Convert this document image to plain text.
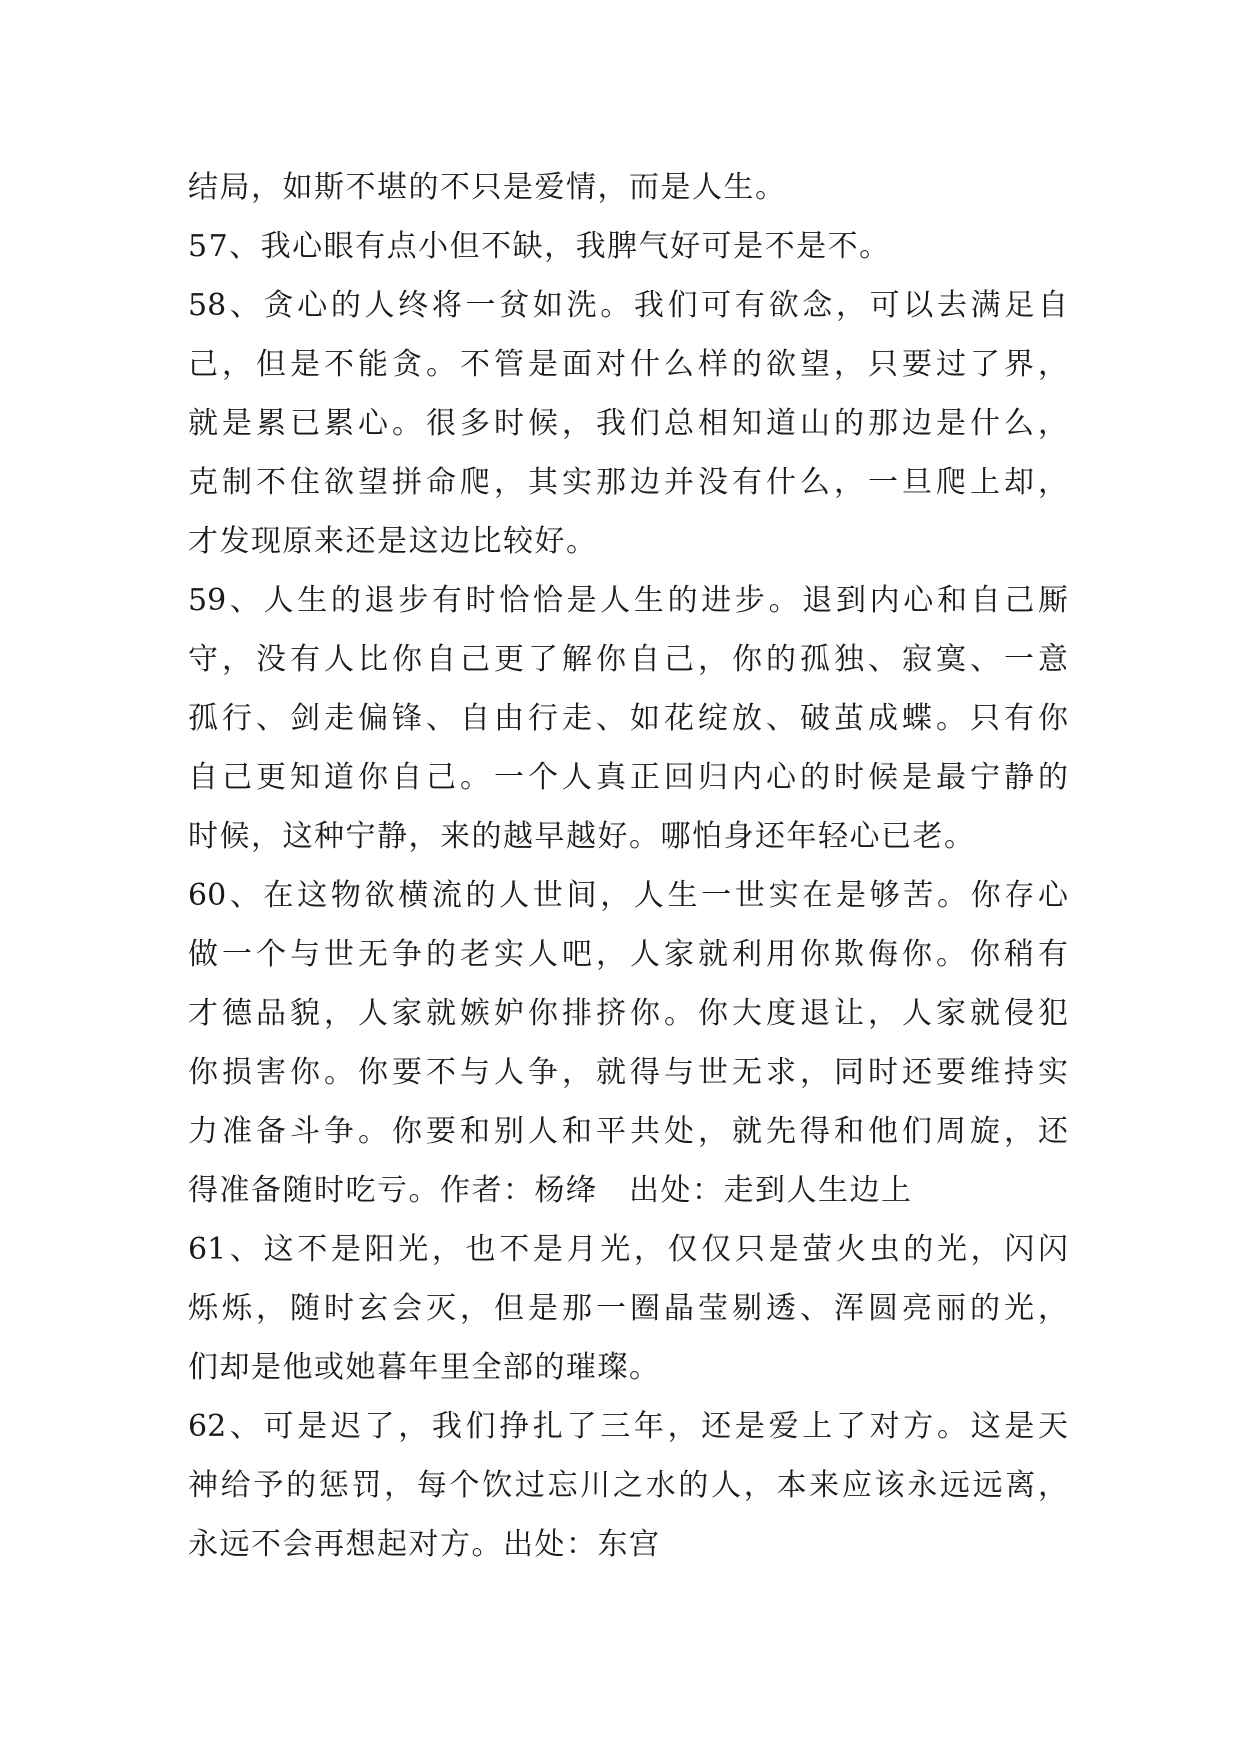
结局，如斯不堪的不只是爱情，而是人生。
57、我心眼有点小但不缺，我脾气好可是不是不。
58、贪心的人终将一贫如洗。我们可有欲念，可以去满足自
己，但是不能贪。不管是面对什么样的欲望，只要过了界，
就是累已累心。很多时候，我们总相知道山的那边是什么，
克制不住欲望拼命爬，其实那边并没有什么，一旦爬上却，
才发现原来还是这边比较好。
59、人生的退步有时恰恰是人生的进步。退到内心和自己厮
守，没有人比你自己更了解你自己，你的孤独、寂寞、一意
孤行、剑走偏锋、自由行走、如花绽放、破茧成蝶。只有你
自己更知道你自己。一个人真正回归内心的时候是最宁静的
时候，这种宁静，来的越早越好。哪怕身还年轻心已老。
60、在这物欲横流的人世间，人生一世实在是够苦。你存心
做一个与世无争的老实人吧，人家就利用你欺侮你。你稍有
才德品貌，人家就嫉妒你排挤你。你大度退让，人家就侵犯
你损害你。你要不与人争，就得与世无求，同时还要维持实
力准备斗争。你要和别人和平共处，就先得和他们周旋，还
得准备随时吃亏。作者：杨绛　出处：走到人生边上
61、这不是阳光，也不是月光，仅仅只是萤火虫的光，闪闪
烁烁，随时玄会灭，但是那一圈晶莹剔透、浑圆亮丽的光，
们却是他或她暮年里全部的璀璨。
62、可是迟了，我们挣扎了三年，还是爱上了对方。这是天
神给予的惩罚，每个饮过忘川之水的人，本来应该永远远离，
永远不会再想起对方。出处：东宫
